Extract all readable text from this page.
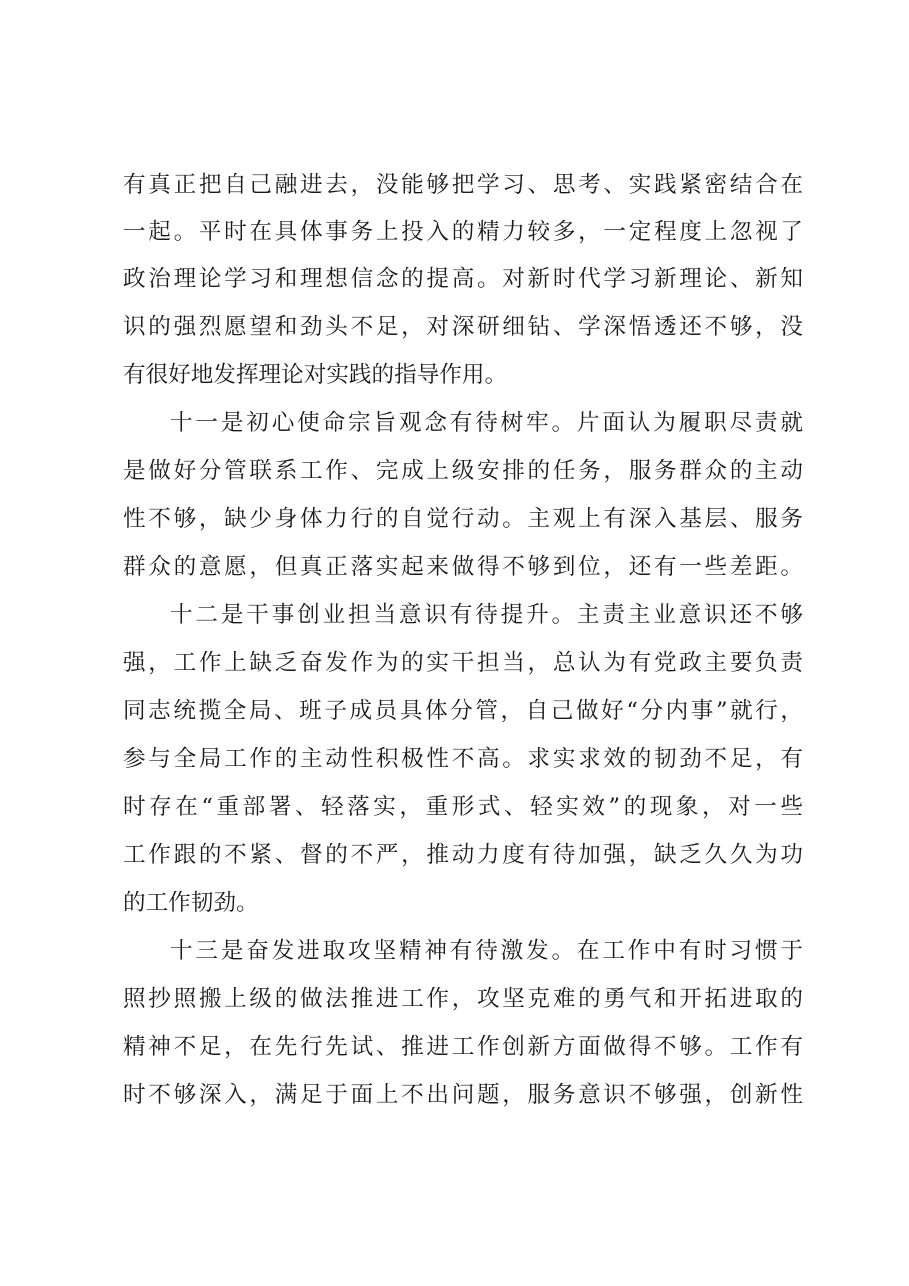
有真正把自己融进去，没能够把学习、思考、实践紧密结合在
一起。平时在具体事务上投入的精力较多，一定程度上忽视了
政治理论学习和理想信念的提高。对新时代学习新理论、新知
识的强烈愿望和劲头不足，对深研细钻、学深悟透还不够，没
有很好地发挥理论对实践的指导作用。
十一是初心使命宗旨观念有待树牢。片面认为履职尽责就
是做好分管联系工作、完成上级安排的任务，服务群众的主动
性不够，缺少身体力行的自觉行动。主观上有深入基层、服务
群众的意愿，但真正落实起来做得不够到位，还有一些差距。
十二是干事创业担当意识有待提升。主责主业意识还不够
强，工作上缺乏奋发作为的实干担当，总认为有党政主要负责
同志统揽全局、班子成员具体分管，自己做好“分内事”就行，
参与全局工作的主动性积极性不高。求实求效的韧劲不足，有
时存在“重部署、轻落实，重形式、轻实效”的现象，对一些
工作跟的不紧、督的不严，推动力度有待加强，缺乏久久为功
的工作韧劲。
十三是奋发进取攻坚精神有待激发。在工作中有时习惯于
照抄照搬上级的做法推进工作，攻坚克难的勇气和开拓进取的
精神不足，在先行先试、推进工作创新方面做得不够。工作有
时不够深入，满足于面上不出问题，服务意识不够强，创新性
